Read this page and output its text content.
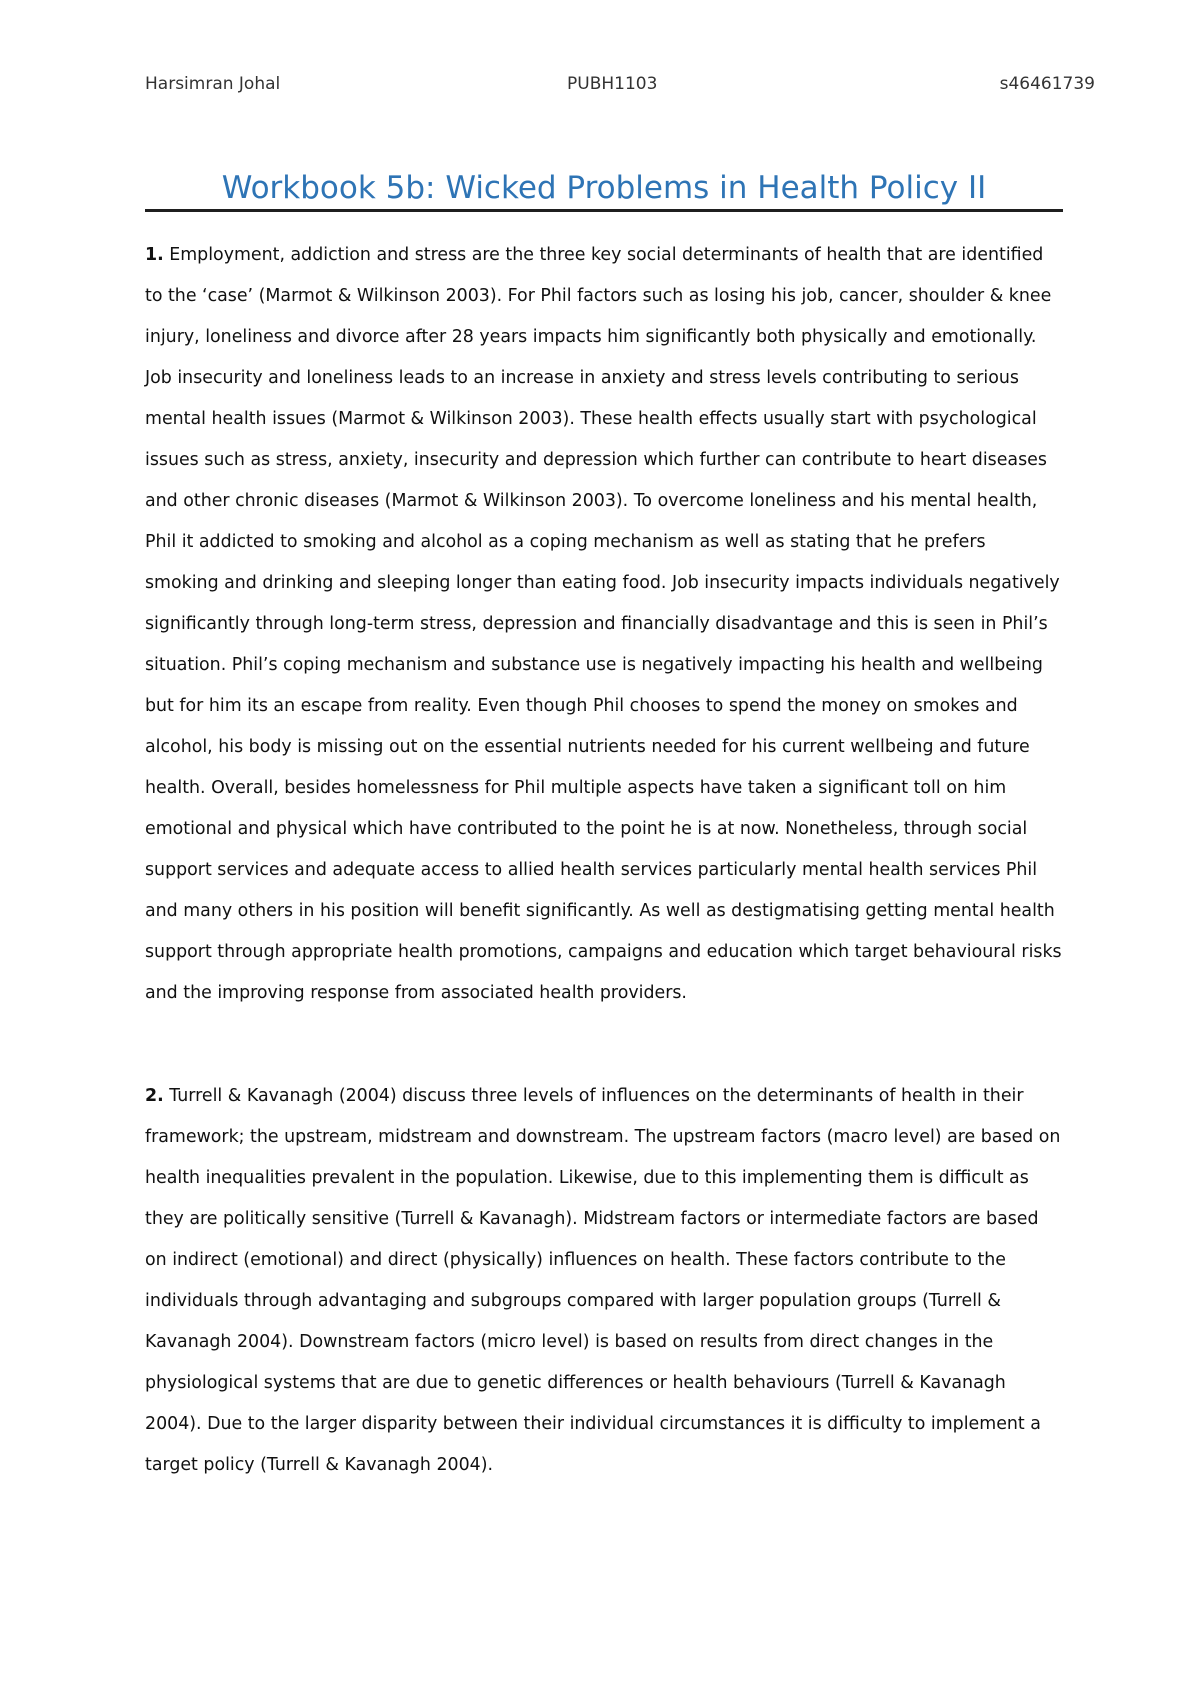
Harsimran Johal	PUBH1103	s46461739
Workbook 5b: Wicked Problems in Health Policy II

1. Employment, addiction and stress are the three key social determinants of health that are identified to the ‘case’ (Marmot & Wilkinson 2003). For Phil factors such as losing his job, cancer, shoulder & knee injury, loneliness and divorce after 28 years impacts him significantly both physically and emotionally. Job insecurity and loneliness leads to an increase in anxiety and stress levels contributing to serious mental health issues (Marmot & Wilkinson 2003). These health effects usually start with psychological issues such as stress, anxiety, insecurity and depression which further can contribute to heart diseases and other chronic diseases (Marmot & Wilkinson 2003). To overcome loneliness and his mental health, Phil it addicted to smoking and alcohol as a coping mechanism as well as stating that he prefers smoking and drinking and sleeping longer than eating food. Job insecurity impacts individuals negatively significantly through long-term stress, depression and financially disadvantage and this is seen in Phil’s situation. Phil’s coping mechanism and substance use is negatively impacting his health and wellbeing but for him its an escape from reality. Even though Phil chooses to spend the money on smokes and alcohol, his body is missing out on the essential nutrients needed for his current wellbeing and future health. Overall, besides homelessness for Phil multiple aspects have taken a significant toll on him emotional and physical which have contributed to the point he is at now. Nonetheless, through social support services and adequate access to allied health services particularly mental health services Phil and many others in his position will benefit significantly. As well as destigmatising getting mental health support through appropriate health promotions, campaigns and education which target behavioural risks and the improving response from associated health providers.

2. Turrell & Kavanagh (2004) discuss three levels of influences on the determinants of health in their framework; the upstream, midstream and downstream. The upstream factors (macro level) are based on health inequalities prevalent in the population. Likewise, due to this implementing them is difficult as they are politically sensitive (Turrell & Kavanagh). Midstream factors or intermediate factors are based on indirect (emotional) and direct (physically) influences on health. These factors contribute to the individuals through advantaging and subgroups compared with larger population groups (Turrell & Kavanagh 2004). Downstream factors (micro level) is based on results from direct changes in the physiological systems that are due to genetic differences or health behaviours (Turrell & Kavanagh 2004). Due to the larger disparity between their individual circumstances it is difficulty to implement a target policy (Turrell & Kavanagh 2004).
